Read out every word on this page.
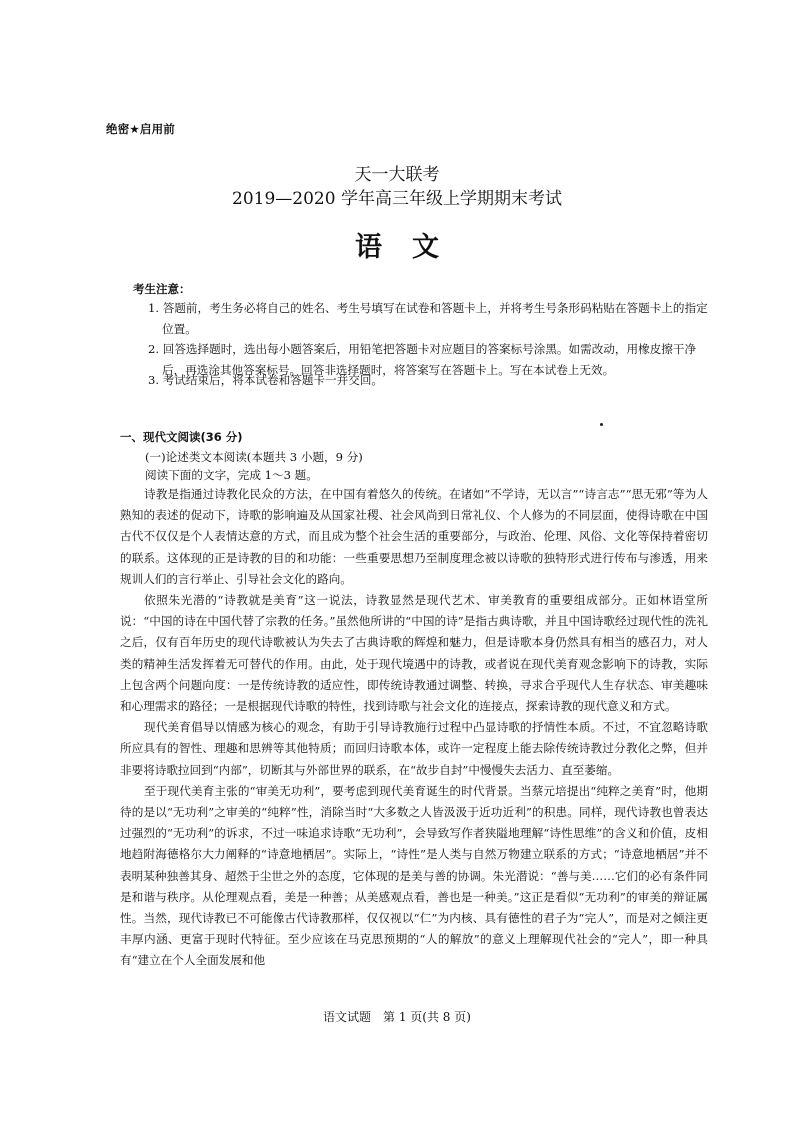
绝密★启用前
天一大联考
2019—2020 学年高三年级上学期期末考试
语文
考生注意：
1. 答题前，考生务必将自己的姓名、考生号填写在试卷和答题卡上，并将考生号条形码粘贴在答题卡上的指定位置。
2. 回答选择题时，选出每小题答案后，用铅笔把答题卡对应题目的答案标号涂黑。如需改动，用橡皮擦干净后，再选涂其他答案标号。回答非选择题时，将答案写在答题卡上。写在本试卷上无效。
3. 考试结束后，将本试卷和答题卡一并交回。
一、现代文阅读(36 分)
(一)论述类文本阅读(本题共 3 小题，9 分)
阅读下面的文字，完成 1～3 题。

诗教是指通过诗教化民众的方法，在中国有着悠久的传统。在诸如“不学诗，无以言”“诗言志”“思无邪”等为人熟知的表述的促动下，诗歌的影响遍及从国家社稷、社会风尚到日常礼仪、个人修为的不同层面，使得诗歌在中国古代不仅仅是个人表情达意的方式，而且成为整个社会生活的重要部分，与政治、伦理、风俗、文化等保持着密切的联系。这体现的正是诗教的目的和功能：一些重要思想乃至制度理念被以诗歌的独特形式进行传布与渗透，用来规训人们的言行举止、引导社会文化的路向。

依照朱光潜的“诗教就是美育”这一说法，诗教显然是现代艺术、审美教育的重要组成部分。正如林语堂所说：“中国的诗在中国代替了宗教的任务。”虽然他所讲的“中国的诗”是指古典诗歌，并且中国诗歌经过现代性的洗礼之后，仅有百年历史的现代诗歌被认为失去了古典诗歌的辉煌和魅力，但是诗歌本身仍然具有相当的感召力，对人类的精神生活发挥着无可替代的作用。由此，处于现代境遇中的诗教，或者说在现代美育观念影响下的诗教，实际上包含两个问题向度：一是传统诗教的适应性，即传统诗教通过调整、转换，寻求合乎现代人生存状态、审美趣味和心理需求的路径；一是根据现代诗歌的特性，找到诗歌与社会文化的连接点，探索诗教的现代意义和方式。

现代美育倡导以情感为核心的观念，有助于引导诗教施行过程中凸显诗歌的抒情性本质。不过，不宜忽略诗歌所应具有的智性、理趣和思辨等其他特质；而回归诗歌本体，或许一定程度上能去除传统诗教过分教化之弊，但并非要将诗歌拉回到“内部”，切断其与外部世界的联系，在“故步自封”中慢慢失去活力、直至萎缩。

至于现代美育主张的“审美无功利”，要考虑到现代美育诞生的时代背景。当蔡元培提出“纯粹之美育”时，他期待的是以“无功利”之审美的“纯粹”性，消除当时“大多数之人皆汲汲于近功近利”的积患。同样，现代诗教也曾表达过强烈的“无功利”的诉求，不过一味追求诗歌“无功利”，会导致写作者狭隘地理解“诗性思维”的含义和价值，皮相地趋附海德格尔大力阐释的“诗意地栖居”。实际上，“诗性”是人类与自然万物建立联系的方式；“诗意地栖居”并不表明某种独善其身、超然于尘世之外的态度，它体现的是美与善的协调。朱光潜说：“善与美……它们的必有条件同是和谐与秩序。从伦理观点看，美是一种善；从美感观点看，善也是一种美。”这正是看似“无功利”的审美的辩证属性。当然，现代诗教已不可能像古代诗教那样，仅仅视以“仁”为内核、具有德性的君子为“完人”，而是对之倾注更丰厚内涵、更富于现时代特征。至少应该在马克思预期的“人的解放”的意义上理解现代社会的“完人”，即一种具有“建立在个人全面发展和他

语文试题　第 1 页(共 8 页)
